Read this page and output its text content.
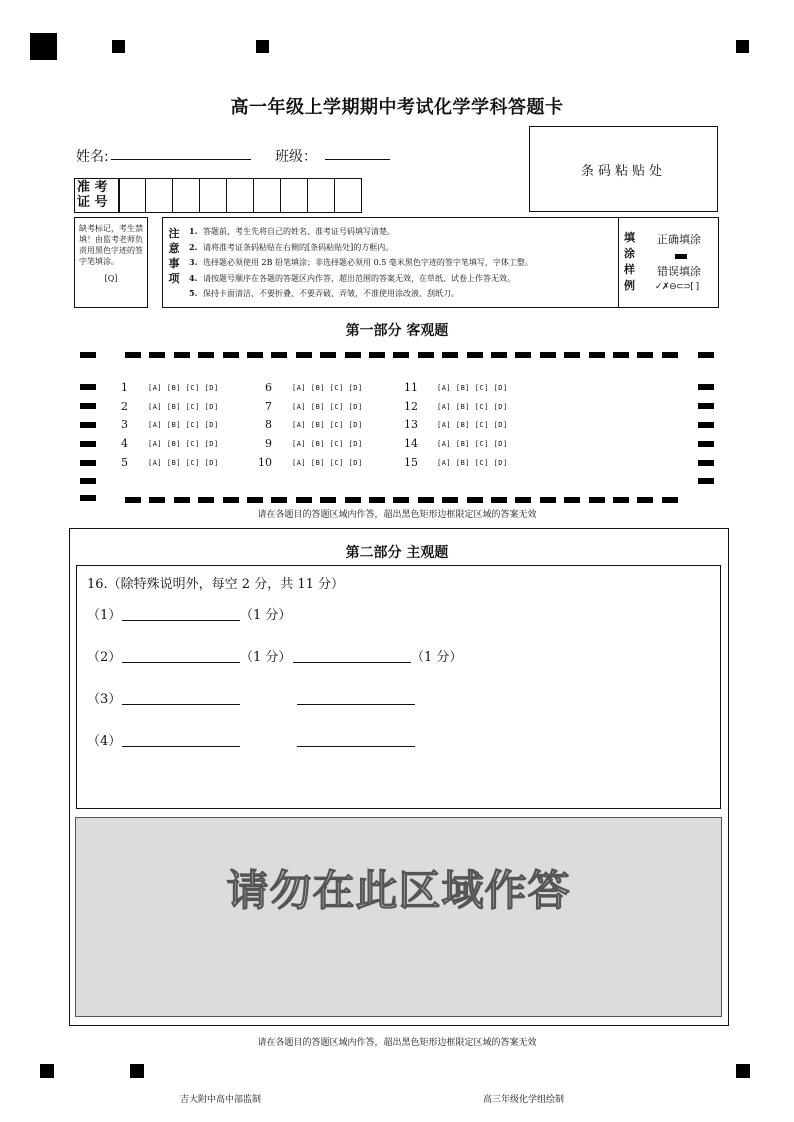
高一年级上学期期中考试化学学科答题卡
姓名:	班级：
条码粘贴处
准 考
证 号
缺考标记，考生禁填！由监考老师负责用黑色字迹的签字笔填涂。
[Q]
注意事项
1. 答题前，考生先将自己的姓名、准考证号码填写清楚。
2. 请将准考证条码粘贴在右侧的[条码粘贴处]的方框内。
3. 选择题必须使用 2B 铅笔填涂；非选择题必须用 0.5 毫米黑色字迹的签字笔填写，字体工整。
4. 请按题号顺序在各题的答题区内作答，超出范围的答案无效，在草纸、试卷上作答无效。
5. 保持卡面清洁，不要折叠、不要弄破、弄皱，不准使用涂改液、刮纸刀。
填涂样例
正确填涂
错误填涂
✓✗⊖⊂⊃[ ]
第一部分 客观题
1	[A] [B] [C] [D]
2	[A] [B] [C] [D]
3	[A] [B] [C] [D]
4	[A] [B] [C] [D]
5	[A] [B] [C] [D]
6	[A] [B] [C] [D]
7	[A] [B] [C] [D]
8	[A] [B] [C] [D]
9	[A] [B] [C] [D]
10	[A] [B] [C] [D]
11	[A] [B] [C] [D]
12	[A] [B] [C] [D]
13	[A] [B] [C] [D]
14	[A] [B] [C] [D]
15	[A] [B] [C] [D]
请在各题目的答题区域内作答，超出黑色矩形边框限定区域的答案无效
第二部分 主观题
16.（除特殊说明外，每空 2 分，共 11 分）
（1）	（1 分）
（2）	（1 分）	（1 分）
（3）
（4）
请勿在此区域作答
请在各题目的答题区域内作答，超出黑色矩形边框限定区域的答案无效
吉大附中高中部监制	高三年级化学组绘制
